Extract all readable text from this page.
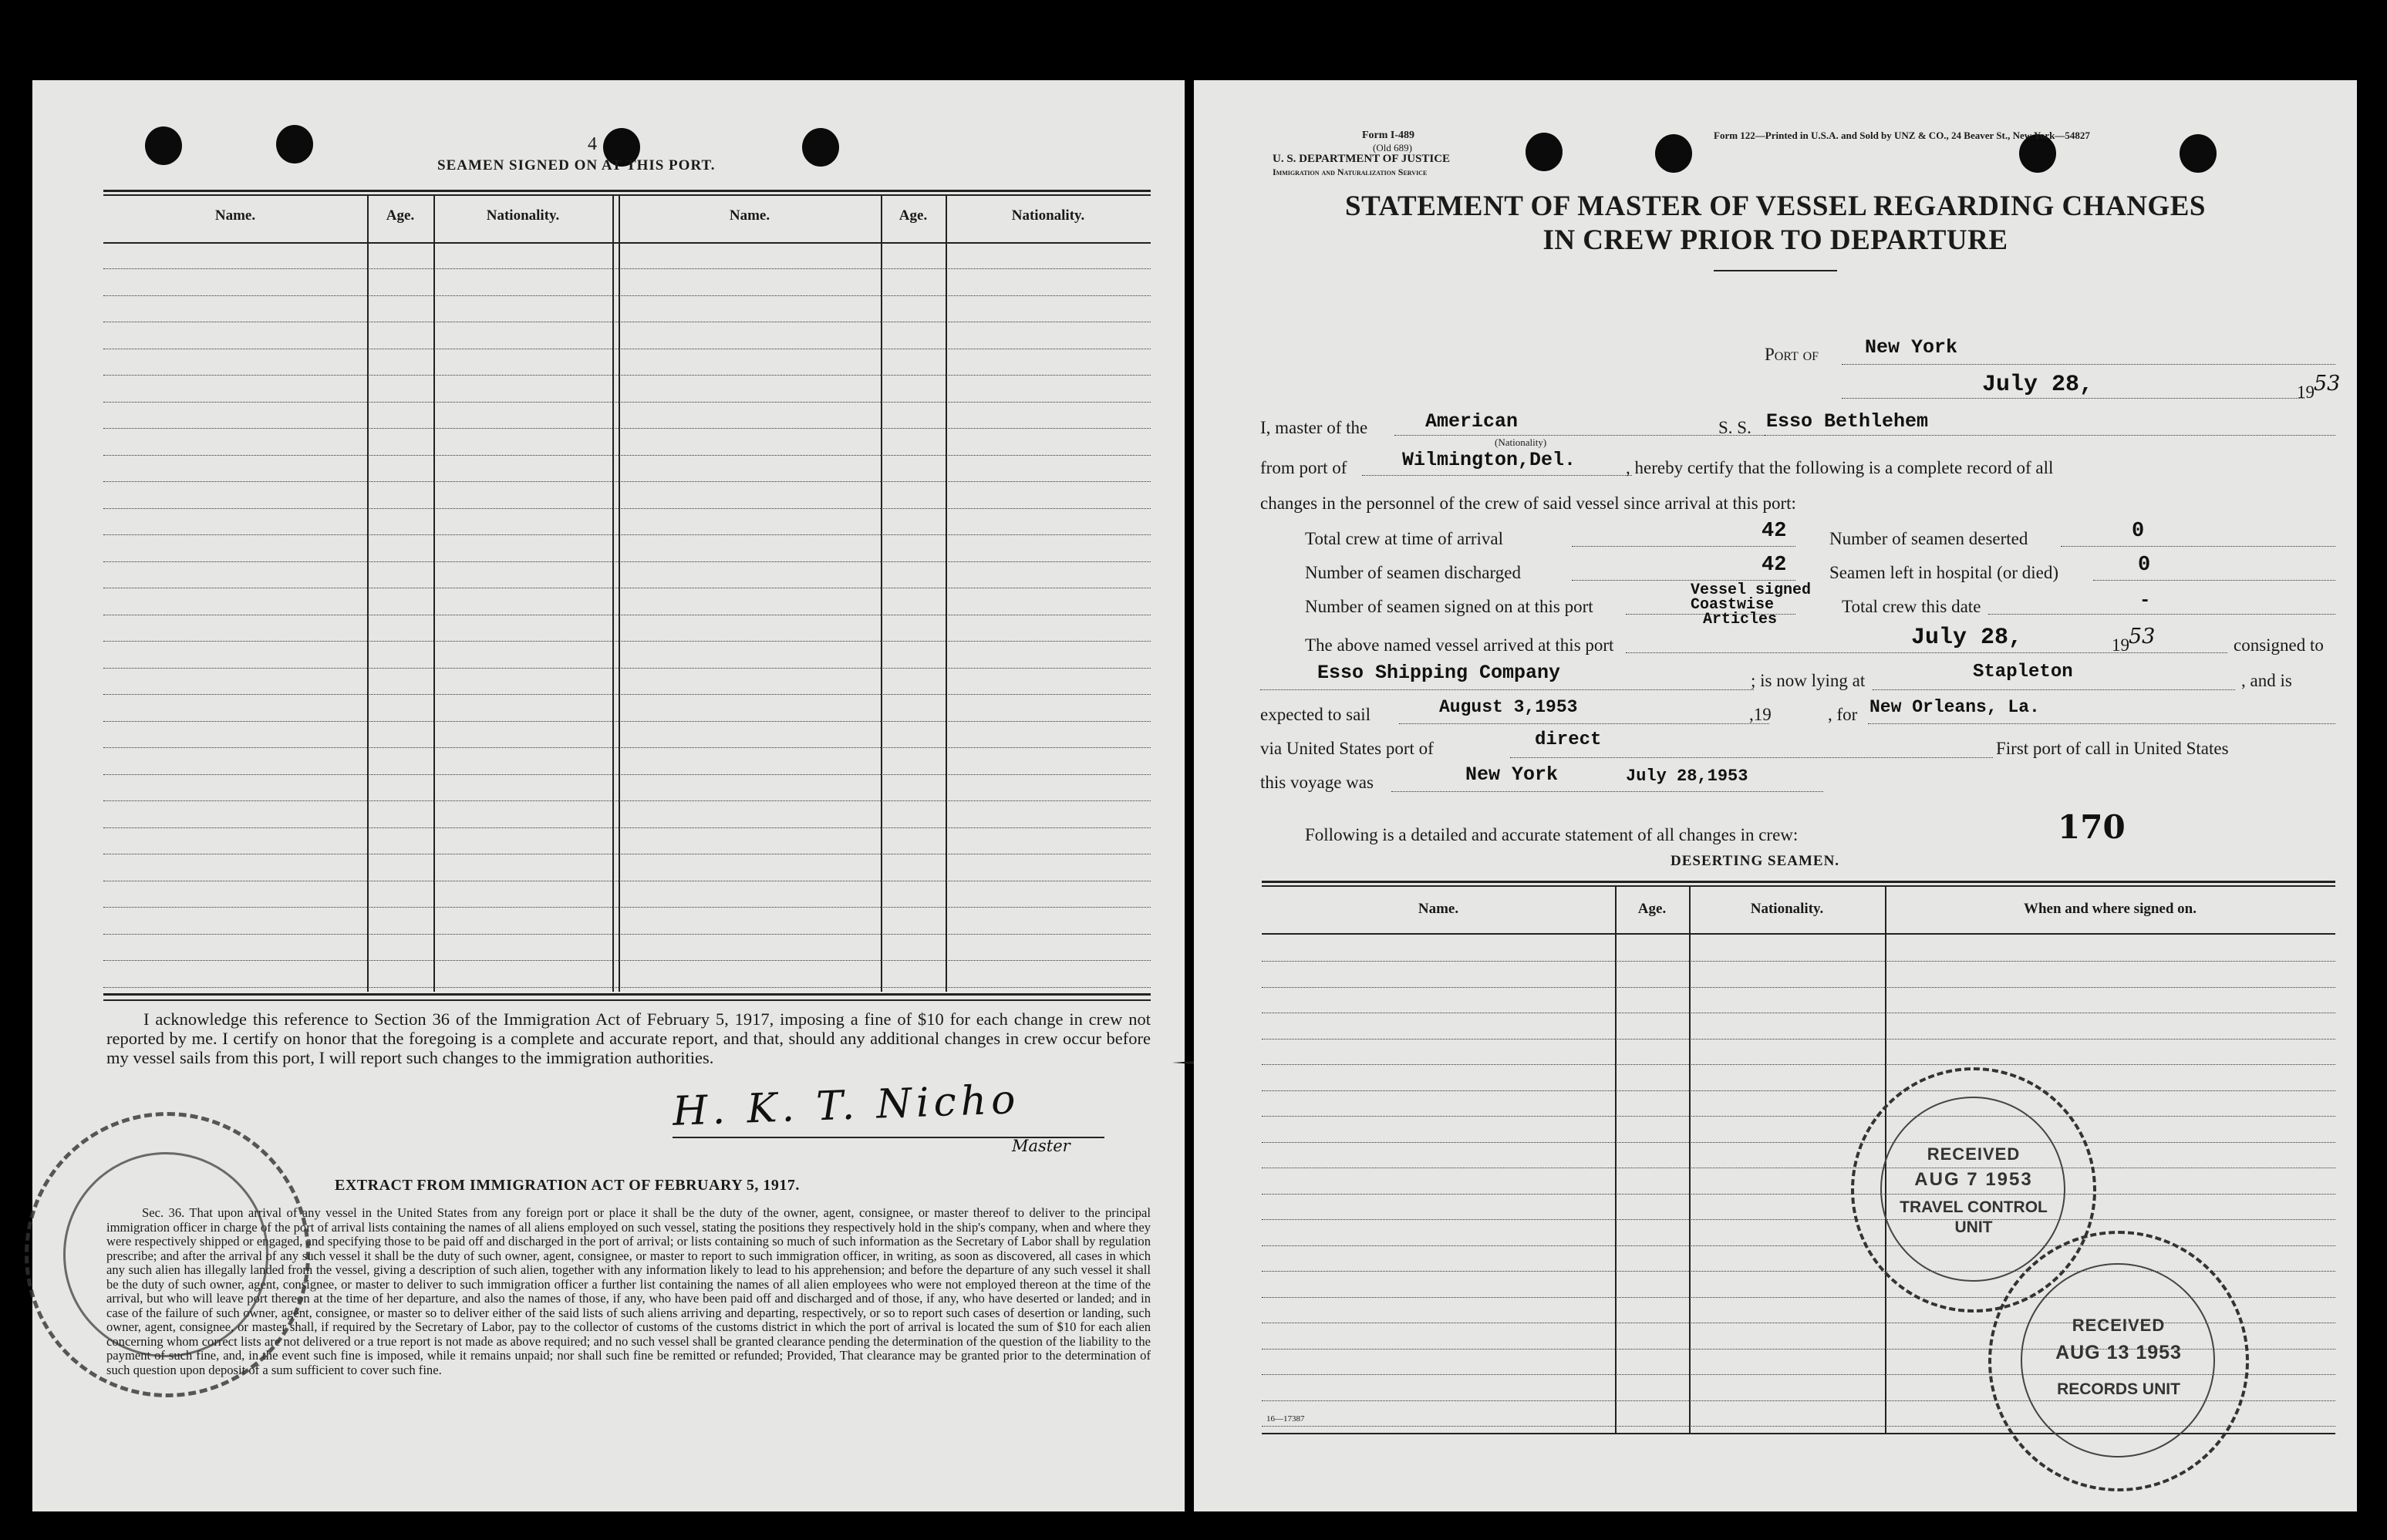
4
SEAMEN SIGNED ON AT THIS PORT.
Name.	Age.	Nationality.	Name.	Age.	Nationality.
I acknowledge this reference to Section 36 of the Immigration Act of February 5, 1917, imposing a fine of $10 for each change in crew not reported by me. I certify on honor that the foregoing is a complete and accurate report, and that, should any additional changes in crew occur before my vessel sails from this port, I will report such changes to the immigration authorities.
H. K. T. Nicho
Master
EXTRACT FROM IMMIGRATION ACT OF FEBRUARY 5, 1917.
Sec. 36. That upon arrival of any vessel in the United States from any foreign port or place it shall be the duty of the owner, agent, consignee, or master thereof to deliver to the principal immigration officer in charge of the port of arrival lists containing the names of all aliens employed on such vessel, stating the positions they respectively hold in the ship's company, when and where they were respectively shipped or engaged, and specifying those to be paid off and discharged in the port of arrival; or lists containing so much of such information as the Secretary of Labor shall by regulation prescribe; and after the arrival of any such vessel it shall be the duty of such owner, agent, consignee, or master to report to such immigration officer, in writing, as soon as discovered, all cases in which any such alien has illegally landed from the vessel, giving a description of such alien, together with any information likely to lead to his apprehension; and before the departure of any such vessel it shall be the duty of such owner, agent, consignee, or master to deliver to such immigration officer a further list containing the names of all alien employees who were not employed thereon at the time of the arrival, but who will leave port thereon at the time of her departure, and also the names of those, if any, who have been paid off and discharged and of those, if any, who have deserted or landed; and in case of the failure of such owner, agent, consignee, or master so to deliver either of the said lists of such aliens arriving and departing, respectively, or so to report such cases of desertion or landing, such owner, agent, consignee, or master shall, if required by the Secretary of Labor, pay to the collector of customs of the customs district in which the port of arrival is located the sum of $10 for each alien concerning whom correct lists are not delivered or a true report is not made as above required; and no such vessel shall be granted clearance pending the determination of the question of the liability to the payment of such fine, and, in the event such fine is imposed, while it remains unpaid; nor shall such fine be remitted or refunded; Provided, That clearance may be granted prior to the determination of such question upon deposit of a sum sufficient to cover such fine.
Form I-489
(Old 689)
U. S. DEPARTMENT OF JUSTICE
Immigration and Naturalization Service
Form 122—Printed in U.S.A. and Sold by UNZ & CO., 24 Beaver St., New York—54827
STATEMENT OF MASTER OF VESSEL REGARDING CHANGES
IN CREW PRIOR TO DEPARTURE
Port of New York
July 28,	19 53
I, master of the	American
(Nationality)
S. S. Esso Bethlehem
from port of	Wilmington,Del.	, hereby certify that the following is a complete record of all
changes in the personnel of the crew of said vessel since arrival at this port:
Total crew at time of arrival	42 Number of seamen deserted	0
Number of seamen discharged	42 Seamen left in hospital (or died)	0
Number of seamen signed on at this port
Vessel signed
Coastwise
Articles
Total crew this date	-
The above named vessel arrived at this port	July 28,	19 53	consigned to
Esso Shipping Company	; is now lying at	Stapleton	, and is
expected to sail	August 3,1953	,19	, for New Orleans, La.
via United States port of	direct	First port of call in United States
this voyage was	New York	July 28,1953
Following is a detailed and accurate statement of all changes in crew:	170
DESERTING SEAMEN.
Name.	Age.	Nationality.	When and where signed on.
16—17387
RECEIVED
AUG 7 1953
TRAVEL CONTROL
UNIT
RECEIVED
AUG 13 1953
RECORDS UNIT
